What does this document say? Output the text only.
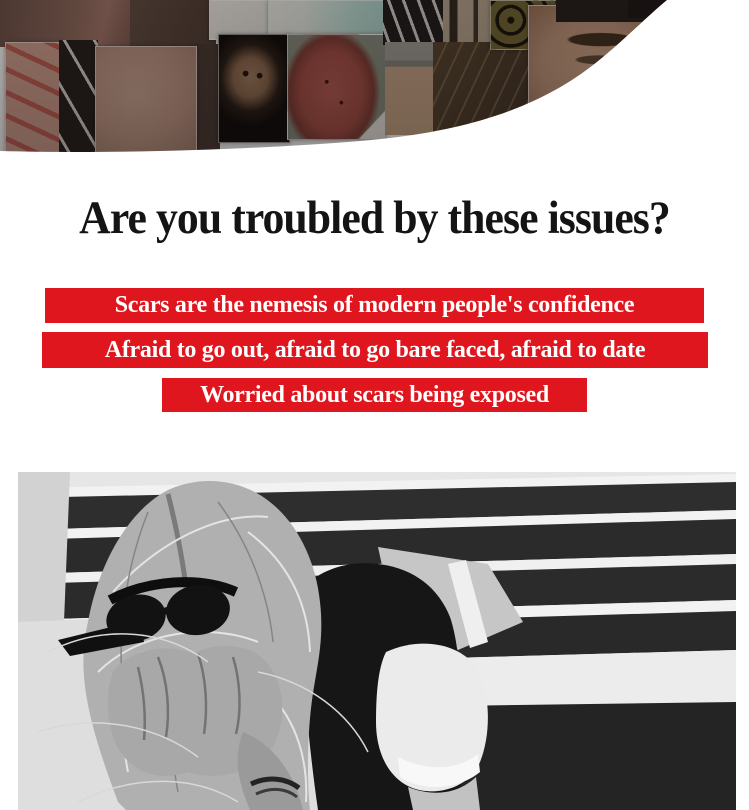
Are you troubled by these issues?
Scars are the nemesis of modern people's confidence
Afraid to go out, afraid to go bare faced, afraid to date
Worried about scars being exposed
